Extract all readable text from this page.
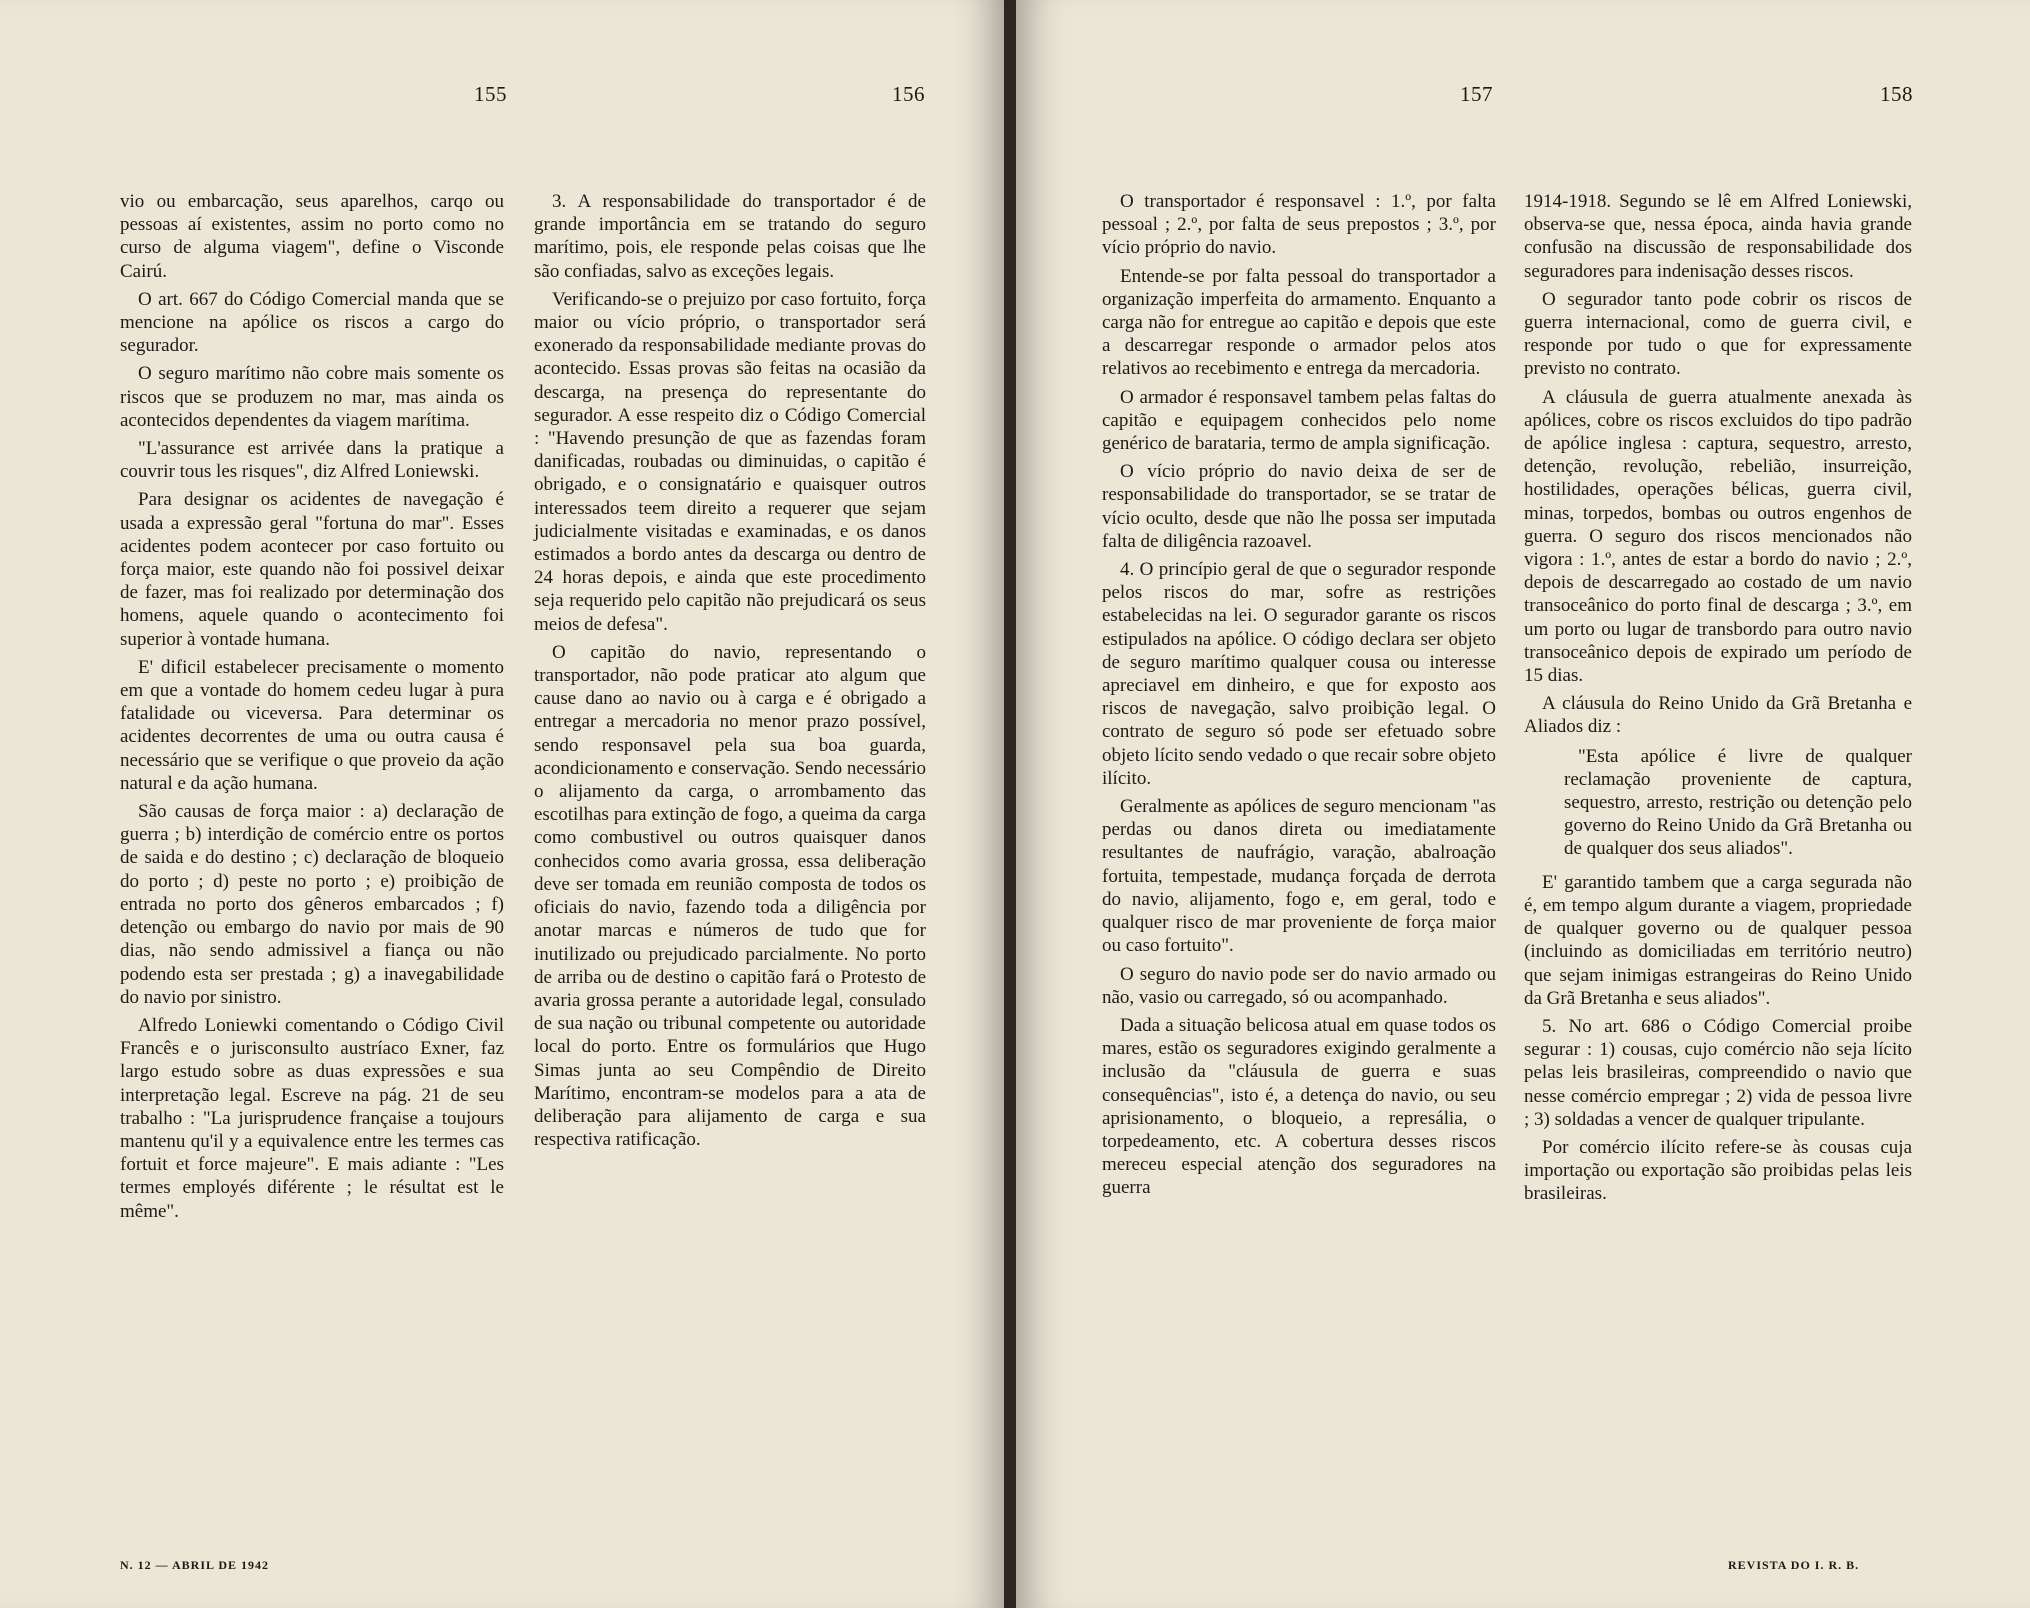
155	156	157	158

vio ou embarcação, seus aparelhos, carqo ou pessoas aí existentes, assim no porto como no curso de alguma viagem", define o Visconde Cairú.

O art. 667 do Código Comercial manda que se mencione na apólice os riscos a cargo do segurador.

O seguro marítimo não cobre mais somente os riscos que se produzem no mar, mas ainda os acontecidos dependentes da viagem marítima.

"L'assurance est arrivée dans la pratique a couvrir tous les risques", diz Alfred Loniewski.

Para designar os acidentes de navegação é usada a expressão geral "fortuna do mar". Esses acidentes podem acontecer por caso fortuito ou força maior, este quando não foi possivel deixar de fazer, mas foi realizado por determinação dos homens, aquele quando o acontecimento foi superior à vontade humana.

E' dificil estabelecer precisamente o momento em que a vontade do homem cedeu lugar à pura fatalidade ou viceversa. Para determinar os acidentes decorrentes de uma ou outra causa é necessário que se verifique o que proveio da ação natural e da ação humana.

São causas de força maior : a) declaração de guerra ; b) interdição de comércio entre os portos de saida e do destino ; c) declaração de bloqueio do porto ; d) peste no porto ; e) proibição de entrada no porto dos gêneros embarcados ; f) detenção ou embargo do navio por mais de 90 dias, não sendo admissivel a fiança ou não podendo esta ser prestada ; g) a inavegabilidade do navio por sinistro.

Alfredo Loniewki comentando o Código Civil Francês e o jurisconsulto austríaco Exner, faz largo estudo sobre as duas expressões e sua interpretação legal. Escreve na pág. 21 de seu trabalho : "La jurisprudence française a toujours mantenu qu'il y a equivalence entre les termes cas fortuit et force majeure". E mais adiante : "Les termes employés diférente ; le résultat est le même".

3. A responsabilidade do transportador é de grande importância em se tratando do seguro marítimo, pois, ele responde pelas coisas que lhe são confiadas, salvo as exceções legais.

Verificando-se o prejuizo por caso fortuito, força maior ou vício próprio, o transportador será exonerado da responsabilidade mediante provas do acontecido. Essas provas são feitas na ocasião da descarga, na presença do representante do segurador. A esse respeito diz o Código Comercial : "Havendo presunção de que as fazendas foram danificadas, roubadas ou diminuidas, o capitão é obrigado, e o consignatário e quaisquer outros interessados teem direito a requerer que sejam judicialmente visitadas e examinadas, e os danos estimados a bordo antes da descarga ou dentro de 24 horas depois, e ainda que este procedimento seja requerido pelo capitão não prejudicará os seus meios de defesa".

O capitão do navio, representando o transportador, não pode praticar ato algum que cause dano ao navio ou à carga e é obrigado a entregar a mercadoria no menor prazo possível, sendo responsavel pela sua boa guarda, acondicionamento e conservação. Sendo necessário o alijamento da carga, o arrombamento das escotilhas para extinção de fogo, a queima da carga como combustivel ou outros quaisquer danos conhecidos como avaria grossa, essa deliberação deve ser tomada em reunião composta de todos os oficiais do navio, fazendo toda a diligência por anotar marcas e números de tudo que for inutilizado ou prejudicado parcialmente. No porto de arriba ou de destino o capitão fará o Protesto de avaria grossa perante a autoridade legal, consulado de sua nação ou tribunal competente ou autoridade local do porto. Entre os formulários que Hugo Simas junta ao seu Compêndio de Direito Marítimo, encontram-se modelos para a ata de deliberação para alijamento de carga e sua respectiva ratificação.

O transportador é responsavel : 1.º, por falta pessoal ; 2.º, por falta de seus prepostos ; 3.º, por vício próprio do navio.

Entende-se por falta pessoal do transportador a organização imperfeita do armamento. Enquanto a carga não for entregue ao capitão e depois que este a descarregar responde o armador pelos atos relativos ao recebimento e entrega da mercadoria.

O armador é responsavel tambem pelas faltas do capitão e equipagem conhecidos pelo nome genérico de barataria, termo de ampla significação.

O vício próprio do navio deixa de ser de responsabilidade do transportador, se se tratar de vício oculto, desde que não lhe possa ser imputada falta de diligência razoavel.

4. O princípio geral de que o segurador responde pelos riscos do mar, sofre as restrições estabelecidas na lei. O segurador garante os riscos estipulados na apólice. O código declara ser objeto de seguro marítimo qualquer cousa ou interesse apreciavel em dinheiro, e que for exposto aos riscos de navegação, salvo proibição legal. O contrato de seguro só pode ser efetuado sobre objeto lícito sendo vedado o que recair sobre objeto ilícito.

Geralmente as apólices de seguro mencionam "as perdas ou danos direta ou imediatamente resultantes de naufrágio, varação, abalroação fortuita, tempestade, mudança forçada de derrota do navio, alijamento, fogo e, em geral, todo e qualquer risco de mar proveniente de força maior ou caso fortuito".

O seguro do navio pode ser do navio armado ou não, vasio ou carregado, só ou acompanhado.

Dada a situação belicosa atual em quase todos os mares, estão os seguradores exigindo geralmente a inclusão da "cláusula de guerra e suas consequências", isto é, a detença do navio, ou seu aprisionamento, o bloqueio, a represália, o torpedeamento, etc. A cobertura desses riscos mereceu especial atenção dos seguradores na guerra

1914-1918. Segundo se lê em Alfred Loniewski, observa-se que, nessa época, ainda havia grande confusão na discussão de responsabilidade dos seguradores para indenisação desses riscos.

O segurador tanto pode cobrir os riscos de guerra internacional, como de guerra civil, e responde por tudo o que for expressamente previsto no contrato.

A cláusula de guerra atualmente anexada às apólices, cobre os riscos excluidos do tipo padrão de apólice inglesa : captura, sequestro, arresto, detenção, revolução, rebelião, insurreição, hostilidades, operações bélicas, guerra civil, minas, torpedos, bombas ou outros engenhos de guerra. O seguro dos riscos mencionados não vigora : 1.º, antes de estar a bordo do navio ; 2.º, depois de descarregado ao costado de um navio transoceânico do porto final de descarga ; 3.º, em um porto ou lugar de transbordo para outro navio transoceânico depois de expirado um período de 15 dias.

A cláusula do Reino Unido da Grã Bretanha e Aliados diz :

"Esta apólice é livre de qualquer reclamação proveniente de captura, sequestro, arresto, restrição ou detenção pelo governo do Reino Unido da Grã Bretanha ou de qualquer dos seus aliados".

E' garantido tambem que a carga segurada não é, em tempo algum durante a viagem, propriedade de qualquer governo ou de qualquer pessoa (incluindo as domiciliadas em território neutro) que sejam inimigas estrangeiras do Reino Unido da Grã Bretanha e seus aliados".

5. No art. 686 o Código Comercial proibe segurar : 1) cousas, cujo comércio não seja lícito pelas leis brasileiras, compreendido o navio que nesse comércio empregar ; 2) vida de pessoa livre ; 3) soldadas a vencer de qualquer tripulante.

Por comércio ilícito refere-se às cousas cuja importação ou exportação são proibidas pelas leis brasileiras.

N. 12 — ABRIL DE 1942	REVISTA DO I. R. B.
